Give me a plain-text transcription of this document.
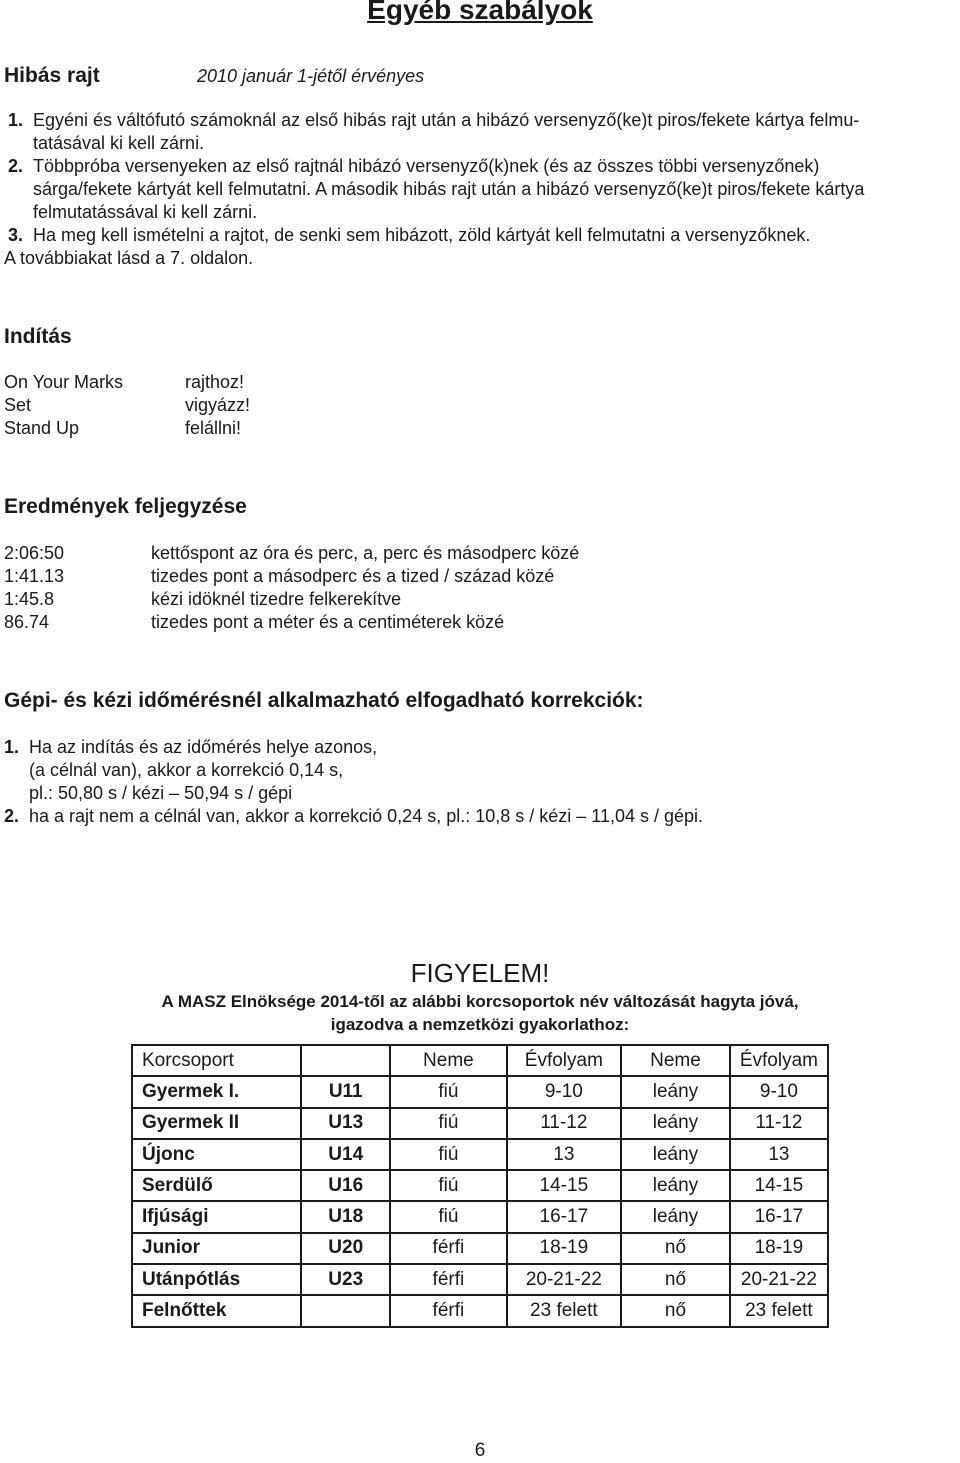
Egyéb szabályok
Hibás rajt	2010 január 1-jétől érvényes
1. Egyéni és váltófutó számoknál az első hibás rajt után a hibázó versenyző(ke)t piros/fekete kártya felmu-
tatásával ki kell zárni.
2. Többpróba versenyeken az első rajtnál hibázó versenyző(k)nek (és az összes többi versenyzőnek)
sárga/fekete kártyát kell felmutatni. A második hibás rajt után a hibázó versenyző(ke)t piros/fekete kártya
felmutatássával ki kell zárni.
3. Ha meg kell ismételni a rajtot, de senki sem hibázott, zöld kártyát kell felmutatni a versenyzőknek.
A továbbiakat lásd a 7. oldalon.
Indítás
On Your Marks	rajthoz!
Set	vigyázz!
Stand Up	felállni!
Eredmények feljegyzése
2:06:50	kettőspont az óra és perc, a, perc és másodperc közé
1:41.13	tizedes pont a másodperc és a tized / század közé
1:45.8	kézi idöknél tizedre felkerekítve
86.74	tizedes pont a méter és a centiméterek közé
Gépi- és kézi időmérésnél alkalmazható elfogadható korrekciók:
1. Ha az indítás és az időmérés helye azonos,
(a célnál van), akkor a korrekció 0,14 s,
pl.: 50,80 s / kézi – 50,94 s / gépi
2. ha a rajt nem a célnál van, akkor a korrekció 0,24 s, pl.: 10,8 s / kézi – 11,04 s / gépi.
FIGYELEM!
A MASZ Elnöksége 2014-től az alábbi korcsoportok név változását hagyta jóvá,
igazodva a nemzetközi gyakorlathoz:
Korcsoport		Neme	Évfolyam	Neme	Évfolyam
Gyermek I.	U11	fiú	9-10	leány	9-10
Gyermek II	U13	fiú	11-12	leány	11-12
Újonc	U14	fiú	13	leány	13
Serdülő	U16	fiú	14-15	leány	14-15
Ifjúsági	U18	fiú	16-17	leány	16-17
Junior	U20	férfi	18-19	nő	18-19
Utánpótlás	U23	férfi	20-21-22	nő	20-21-22
Felnőttek		férfi	23 felett	nő	23 felett
6
